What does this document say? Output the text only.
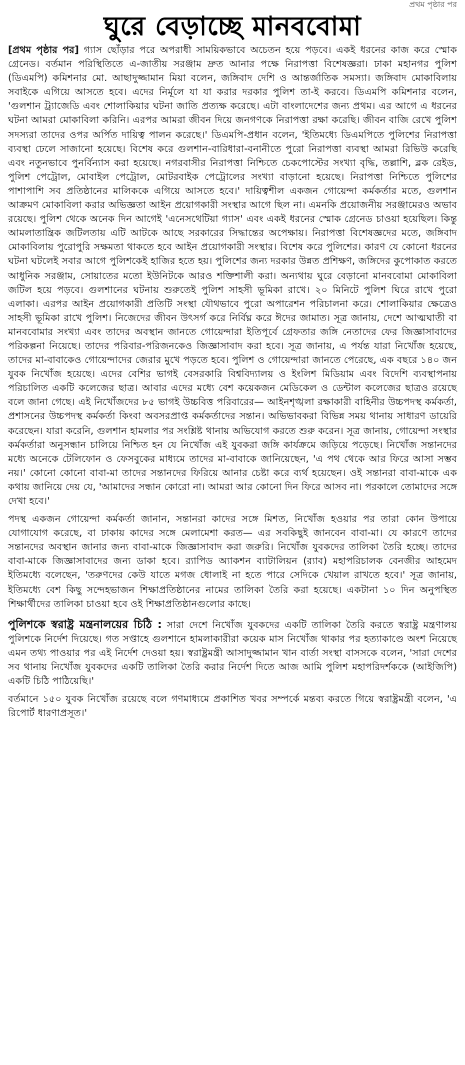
প্রথম পৃষ্ঠার পর
ঘুরে বেড়াচ্ছে মানববোমা

[প্রথম পৃষ্ঠার পর] গ্যাস ছোঁড়ার পরে অপরাধী সাময়িকভাবে অচেতন হয়ে পড়বে। একই ধরনের কাজ করে স্মোক গ্রেনেড। বর্তমান পরিস্থিতিতে এ-জাতীয় সরঞ্জাম দ্রুত আনার পক্ষে নিরাপত্তা বিশেষজ্ঞরা। ঢাকা মহানগর পুলিশ (ডিএমপি) কমিশনার মো. আছাদুজ্জামান মিয়া বলেন, জঙ্গিবাদ দেশি ও আন্তর্জাতিক সমস্যা। জঙ্গিবাদ মোকাবিলায় সবাইকে এগিয়ে আসতে হবে। এদের নির্মূলে যা যা করার দরকার পুলিশ তা-ই করবে। ডিএমপি কমিশনার বলেন, 'গুলশান ট্র্যাজেডি এবং শোলাকিয়ার ঘটনা জাতি প্রত্যক্ষ করেছে। এটা বাংলাদেশের জন্য প্রথম। এর আগে এ ধরনের ঘটনা আমরা মোকাবিলা করিনি। এরপর আমরা জীবন দিয়ে জনগণকে নিরাপত্তা রক্ষা করেছি। জীবন বাজি রেখে পুলিশ সদস্যরা তাদের ওপর অর্পিত দায়িত্ব পালন করেছে।' ডিএমপি-প্রধান বলেন, 'ইতিমধ্যে ডিএমপিতে পুলিশের নিরাপত্তা ব্যবস্থা ঢেলে সাজানো হয়েছে। বিশেষ করে গুলশান-বারিধারা-বনানীতে পুরো নিরাপত্তা ব্যবস্থা আমরা রিভিউ করেছি এবং নতুনভাবে পুনর্বিন্যাস করা হয়েছে। নগরবাসীর নিরাপত্তা নিশ্চিতে চেকপোস্টের সংখ্যা বৃদ্ধি, তল্লাশি, ব্লক রেইড, পুলিশ পেট্রোল, মোবাইল পেট্রোল, মোটরবাইক পেট্রোলের সংখ্যা বাড়ানো হয়েছে। নিরাপত্তা নিশ্চিতে পুলিশের পাশাপাশি সব প্রতিষ্ঠানের মালিককে এগিয়ে আসতে হবে।' দায়িত্বশীল একজন গোয়েন্দা কর্মকর্তার মতে, গুলশান আক্রমণ মোকাবিলা করার অভিজ্ঞতা আইন প্রয়োগকারী সংস্থার আগে ছিল না। এমনকি প্রয়োজনীয় সরঞ্জামেরও অভাব রয়েছে। পুলিশ থেকে অনেক দিন আগেই 'এনেসথেটিয়া গ্যাস' এবং একই ধরনের স্মোক গ্রেনেড চাওয়া হয়েছিল। কিন্তু আমলাতান্ত্রিক জটিলতায় এটি আটকে আছে সরকারের সিদ্ধান্তের অপেক্ষায়। নিরাপত্তা বিশেষজ্ঞদের মতে, জঙ্গিবাদ মোকাবিলায় পুরোপুরি সক্ষমতা থাকতে হবে আইন প্রয়োগকারী সংস্থার। বিশেষ করে পুলিশের। কারণ যে কোনো ধরনের ঘটনা ঘটলেই সবার আগে পুলিশকেই হাজির হতে হয়। পুলিশের জন্য দরকার উন্নত প্রশিক্ষণ, জঙ্গিদের কুপোকাত করতে আধুনিক সরঞ্জাম, সোয়াতের মতো ইউনিটকে আরও শক্তিশালী করা। অন্যথায় ঘুরে বেড়ানো মানববোমা মোকাবিলা জটিল হয়ে পড়বে। গুলশানের ঘটনায় শুরুতেই পুলিশ সাহসী ভূমিকা রাখে। ২০ মিনিটে পুলিশ ঘিরে রাখে পুরো এলাকা। এরপর আইন প্রয়োগকারী প্রতিটি সংস্থা যৌথভাবে পুরো অপারেশন পরিচালনা করে। শোলাকিয়ার ক্ষেত্রেও সাহসী ভূমিকা রাখে পুলিশ। নিজেদের জীবন উৎসর্গ করে নির্বিঘ্ন করে ঈদের জামাত। সূত্র জানায়, দেশে আত্মঘাতী বা মানববোমার সংখ্যা এবং তাদের অবস্থান জানতে গোয়েন্দারা ইতিপূর্বে গ্রেফতার জঙ্গি নেতাদের ফের জিজ্ঞাসাবাদের পরিকল্পনা নিয়েছে। তাদের পরিবার-পরিজনকেও জিজ্ঞাসাবাদ করা হবে। সূত্র জানায়, এ পর্যন্ত যারা নিখোঁজ হয়েছে, তাদের মা-বাবাকেও গোয়েন্দাদের জেরার মুখে পড়তে হবে। পুলিশ ও গোয়েন্দারা জানতে পেরেছে, এক বছরে ১৪০ জন যুবক নিখোঁজ হয়েছে। এদের বেশির ভাগই বেসরকারি বিশ্ববিদ্যালয় ও ইংলিশ মিডিয়াম এবং বিদেশি ব্যবস্থাপনায় পরিচালিত একটি কলেজের ছাত্র। আবার এদের মধ্যে বেশ কয়েকজন মেডিকেল ও ডেন্টাল কলেজের ছাত্রও রয়েছে বলে জানা গেছে। এই নিখোঁজদের ৮৫ ভাগই উচ্চবিত্ত পরিবারের— আইনশৃঙ্খলা রক্ষাকারী বাহিনীর উচ্চপদস্থ কর্মকর্তা, প্রশাসনের উচ্চপদস্থ কর্মকর্তা কিংবা অবসরপ্রাপ্ত কর্মকর্তাদের সন্তান। অভিভাবকরা বিভিন্ন সময় থানায় সাধারণ ডায়েরি করেছেন। যারা করেনি, গুলশান হামলার পর সংশ্লিষ্ট থানায় অভিযোগ করতে শুরু করেন। সূত্র জানায়, গোয়েন্দা সংস্থার কর্মকর্তারা অনুসন্ধান চালিয়ে নিশ্চিত হন যে নিখোঁজ এই যুবকরা জঙ্গি কার্যক্রমে জড়িয়ে পড়েছে। নিখোঁজ সন্তানদের মধ্যে অনেকে টেলিফোন ও ফেসবুকের মাধ্যমে তাদের মা-বাবাকে জানিয়েছেন, 'এ পথ থেকে আর ফিরে আসা সম্ভব নয়।' কোনো কোনো বাবা-মা তাদের সন্তানদের ফিরিয়ে আনার চেষ্টা করে ব্যর্থ হয়েছেন। ওই সন্তানরা বাবা-মাকে এক কথায় জানিয়ে দেয় যে, 'আমাদের সন্ধান কোরো না। আমরা আর কোনো দিন ফিরে আসব না। পরকালে তোমাদের সঙ্গে দেখা হবে।'

পদস্থ একজন গোয়েন্দা কর্মকর্তা জানান, সন্তানরা কাদের সঙ্গে মিশত, নিখোঁজ হওয়ার পর তারা কোন উপায়ে যোগাযোগ করেছে, বা ঢাকায় কাদের সঙ্গে মেলামেশা করত— এর সবকিছুই জানবেন বাবা-মা। যে কারণে তাদের সন্তানদের অবস্থান জানার জন্য বাবা-মাকে জিজ্ঞাসাবাদ করা জরুরি। নিখোঁজ যুবকদের তালিকা তৈরি হচ্ছে। তাদের বাবা-মাকে জিজ্ঞাসাবাদের জন্য ডাকা হবে। র‍্যাপিড অ্যাকশন ব্যাটালিয়ন (র‍্যাব) মহাপরিচালক বেনজীর আহমেদ ইতিমধ্যে বলেছেন, 'তরুণদের কেউ যাতে মগজ ধোলাই না হতে পারে সেদিকে খেয়াল রাখতে হবে।' সূত্র জানায়, ইতিমধ্যে বেশ কিছু সন্দেহভাজন শিক্ষাপ্রতিষ্ঠানের নামের তালিকা তৈরি করা হয়েছে। একটানা ১০ দিন অনুপস্থিত শিক্ষার্থীদের তালিকা চাওয়া হবে ওই শিক্ষাপ্রতিষ্ঠানগুলোর কাছে।

পুলিশকে স্বরাষ্ট্র মন্ত্রনালয়ের চিঠি : সারা দেশে নিখোঁজ যুবকদের একটি তালিকা তৈরি করতে স্বরাষ্ট্র মন্ত্রণালয় পুলিশকে নির্দেশ দিয়েছে। গত সপ্তাহে গুলশানে হামলাকারীরা কয়েক মাস নিখোঁজ থাকার পর হত্যাকাণ্ডে অংশ নিয়েছে এমন তথ্য পাওয়ার পর এই নির্দেশ দেওয়া হয়। স্বরাষ্ট্রমন্ত্রী আসাদুজ্জামান খান বার্তা সংস্থা বাসসকে বলেন, 'সারা দেশের সব থানায় নিখোঁজ যুবকদের একটি তালিকা তৈরি করার নির্দেশ দিতে আজ আমি পুলিশ মহাপরিদর্শককে (আইজিপি) একটি চিঠি পাঠিয়েছি।'

বর্তমানে ১৫০ যুবক নিখোঁজ রয়েছে বলে গণমাধ্যমে প্রকাশিত খবর সম্পর্কে মন্তব্য করতে গিয়ে স্বরাষ্ট্রমন্ত্রী বলেন, 'এ রিপোর্ট ধারণাপ্রসূত।'
